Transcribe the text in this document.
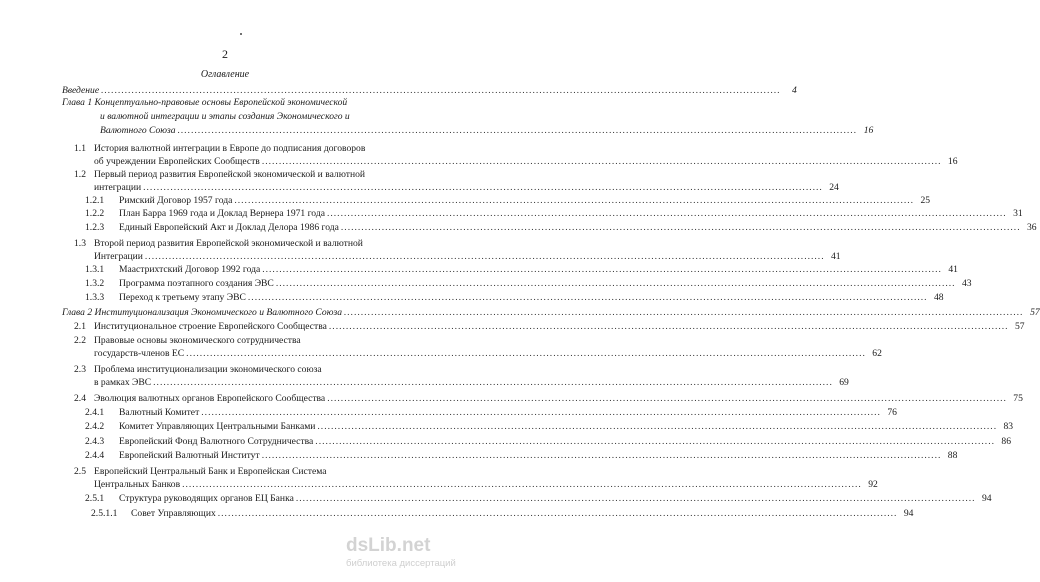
2
Оглавление
Введение ........................................................................................................................................................................................................	4
Глава 1 Концептуально-правовые основы Европейской экономической
и валютной интеграции и этапы создания Экономического и
Валютного Союза ........................................................................................................................................................................................................ 16
История валютной интеграции в Европе до подписания договоров
1.1
об учреждении Европейских Сообществ ........................................................................................................................................................................................................ 16
Первый период развития Европейской экономической и валютной
1.2
интеграции ........................................................................................................................................................................................................ 24
1.2.1 Римский Договор 1957 года ........................................................................................................................................................................................................ 25
1.2.2 План Барра 1969 года и Доклад Вернера 1971 года ........................................................................................................................................................................................................ 31
1.2.3 Единый Европейский Акт и Доклад Делора 1986 года ........................................................................................................................................................................................................ 36
Второй период развития Европейской экономической и валютной
1.3
Интеграции ........................................................................................................................................................................................................ 41
1.3.1 Маастрихтский Договор 1992 года ........................................................................................................................................................................................................ 41
1.3.2 Программа поэтапного создания ЭВС ........................................................................................................................................................................................................ 43
1.3.3 Переход к третьему этапу ЭВС ........................................................................................................................................................................................................ 48
Глава 2 Институционализация Экономического и Валютного Союза ........................................................................................................................................................................................................ 57
2.1 Институциональное строение Европейского Сообщества ........................................................................................................................................................................................................ 57
Правовые основы экономического сотрудничества
2.2
государств-членов ЕС ........................................................................................................................................................................................................ 62
Проблема институционализации экономического союза
2.3
в рамках ЭВС ........................................................................................................................................................................................................ 69
2.4 Эволюция валютных органов Европейского Сообщества ........................................................................................................................................................................................................ 75
2.4.1 Валютный Комитет ........................................................................................................................................................................................................ 76
2.4.2 Комитет Управляющих Центральными Банками ........................................................................................................................................................................................................ 83
2.4.3 Европейский Фонд Валютного Сотрудничества ........................................................................................................................................................................................................ 86
2.4.4 Европейский Валютный Институт ........................................................................................................................................................................................................ 88
Европейский Центральный Банк и Европейская Система
2.5
Центральных Банков ........................................................................................................................................................................................................ 92
2.5.1 Структура руководящих органов ЕЦ Банка ........................................................................................................................................................................................................ 94
2.5.1.1 Совет Управляющих ........................................................................................................................................................................................................ 94
dsLib.net
библиотека диссертаций
